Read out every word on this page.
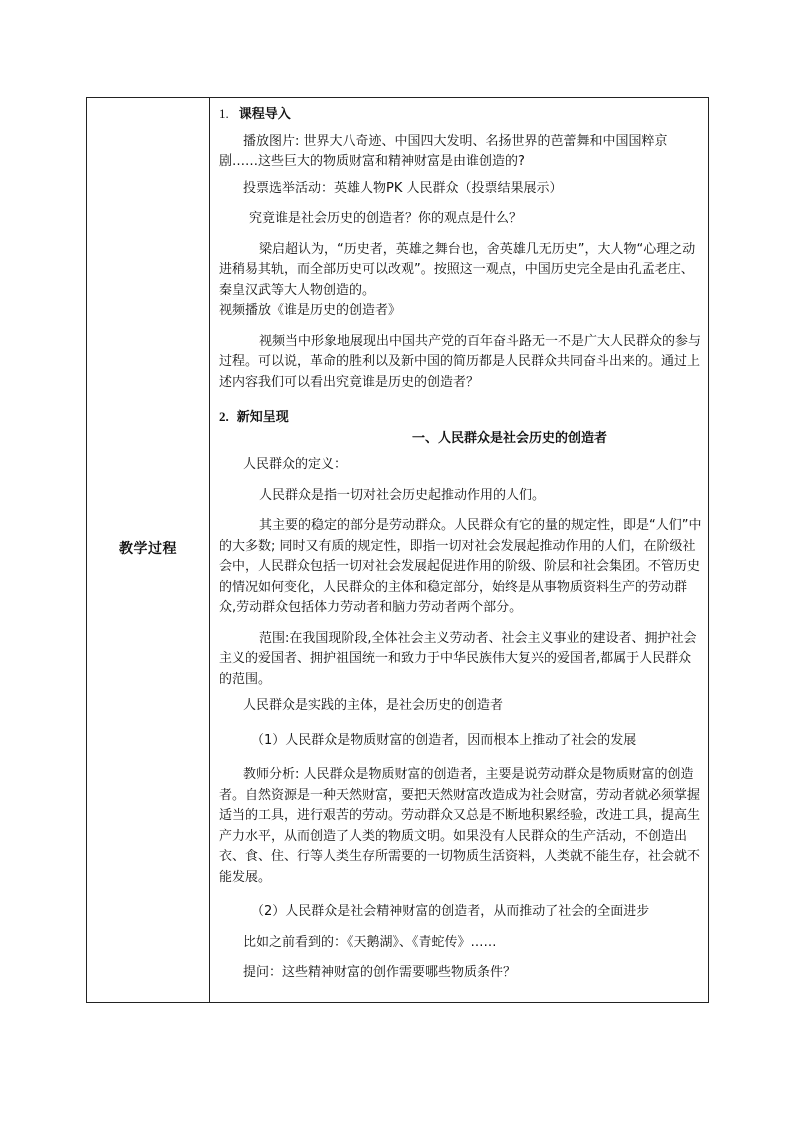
教学过程

1. 课程导入

播放图片: 世界大八奇迹、中国四大发明、名扬世界的芭蕾舞和中国国粹京剧……这些巨大的物质财富和精神财富是由谁创造的?

投票选举活动：英雄人物PK 人民群众（投票结果展示）

究竟谁是社会历史的创造者？你的观点是什么？

梁启超认为，“历史者，英雄之舞台也，舍英雄几无历史”，大人物“心理之动进稍易其轨，而全部历史可以改观”。按照这一观点，中国历史完全是由孔孟老庄、秦皇汉武等大人物创造的。

视频播放《谁是历史的创造者》

视频当中形象地展现出中国共产党的百年奋斗路无一不是广大人民群众的参与过程。可以说，革命的胜利以及新中国的简历都是人民群众共同奋斗出来的。通过上述内容我们可以看出究竟谁是历史的创造者？

2. 新知呈现

一、人民群众是社会历史的创造者

人民群众的定义：

人民群众是指一切对社会历史起推动作用的人们。

其主要的稳定的部分是劳动群众。人民群众有它的量的规定性，即是“人们”中的大多数; 同时又有质的规定性，即指一切对社会发展起推动作用的人们，在阶级社会中，人民群众包括一切对社会发展起促进作用的阶级、阶层和社会集团。不管历史的情况如何变化，人民群众的主体和稳定部分，始终是从事物质资料生产的劳动群众,劳动群众包括体力劳动者和脑力劳动者两个部分。

范围:在我国现阶段,全体社会主义劳动者、社会主义事业的建设者、拥护社会主义的爱国者、拥护祖国统一和致力于中华民族伟大复兴的爱国者,都属于人民群众的范围。

人民群众是实践的主体，是社会历史的创造者

（1）人民群众是物质财富的创造者，因而根本上推动了社会的发展

教师分析: 人民群众是物质财富的创造者，主要是说劳动群众是物质财富的创造者。自然资源是一种天然财富，要把天然财富改造成为社会财富，劳动者就必须掌握适当的工具，进行艰苦的劳动。劳动群众又总是不断地积累经验，改进工具，提高生产力水平，从而创造了人类的物质文明。如果没有人民群众的生产活动，不创造出衣、食、住、行等人类生存所需要的一切物质生活资料，人类就不能生存，社会就不能发展。

（2）人民群众是社会精神财富的创造者，从而推动了社会的全面进步

比如之前看到的：《天鹅湖》、《青蛇传》……

提问：这些精神财富的创作需要哪些物质条件？
